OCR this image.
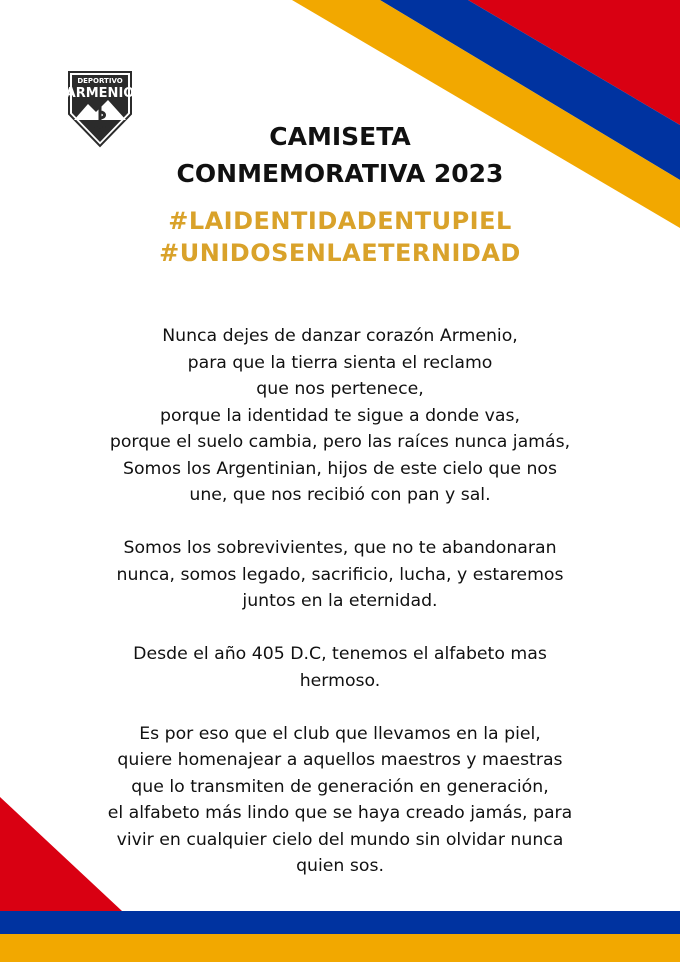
DEPORTIVO
ARMENIO
CAMISETA
CONMEMORATIVA 2023
#LAIDENTIDADENTUPIEL
#UNIDOSENLAETERNIDAD

Nunca dejes de danzar corazón Armenio,
para que la tierra sienta el reclamo
que nos pertenece,
porque la identidad te sigue a donde vas,
porque el suelo cambia, pero las raíces nunca jamás,
Somos los Argentinian, hijos de este cielo que nos
une, que nos recibió con pan y sal.

Somos los sobrevivientes, que no te abandonaran
nunca, somos legado, sacrificio, lucha, y estaremos
juntos en la eternidad.

Desde el año 405 D.C, tenemos el alfabeto mas
hermoso.

Es por eso que el club que llevamos en la piel,
quiere homenajear a aquellos maestros y maestras
que lo transmiten de generación en generación,
el alfabeto más lindo que se haya creado jamás, para
vivir en cualquier cielo del mundo sin olvidar nunca
quien sos.
